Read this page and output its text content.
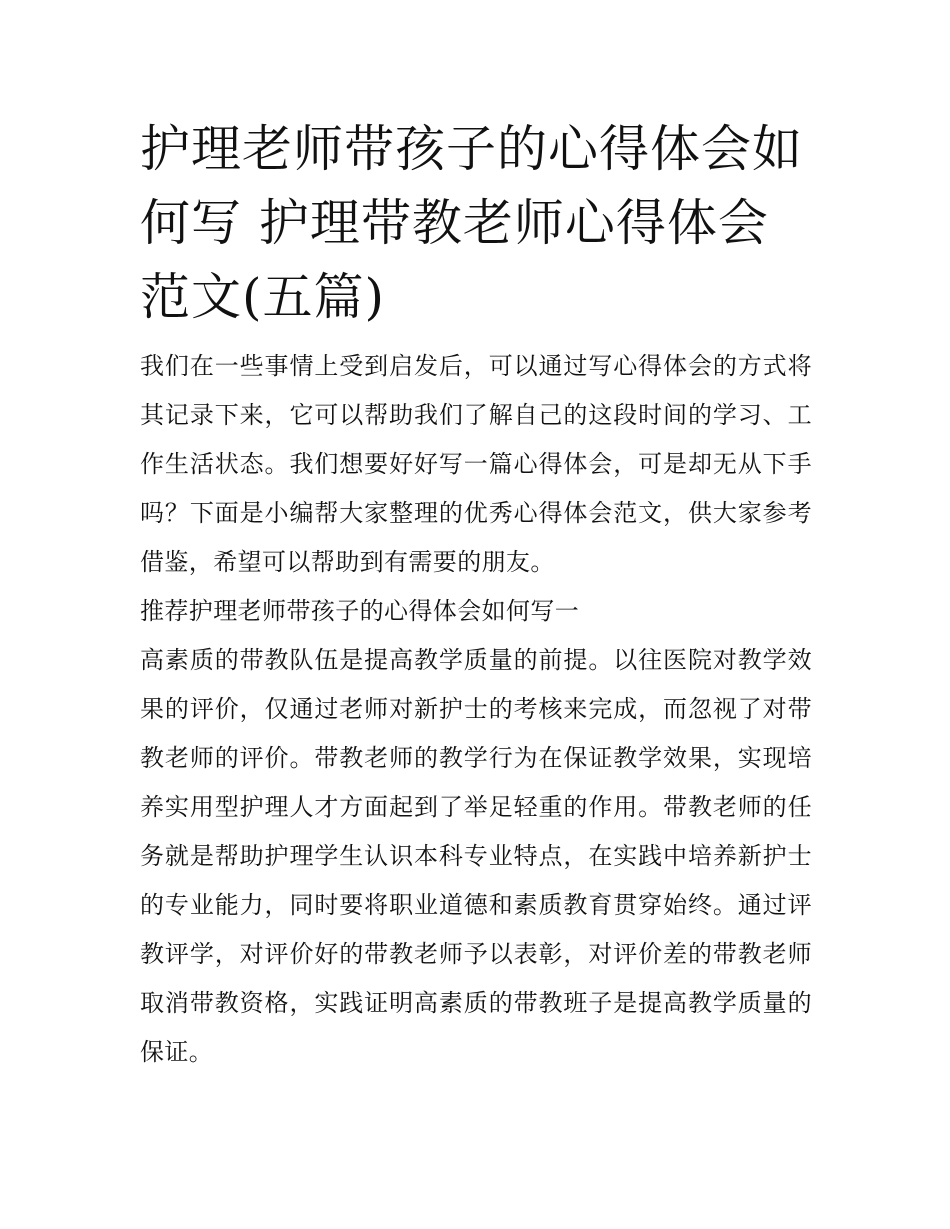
护理老师带孩子的心得体会如何写 护理带教老师心得体会范文(五篇)

我们在一些事情上受到启发后，可以通过写心得体会的方式将其记录下来，它可以帮助我们了解自己的这段时间的学习、工作生活状态。我们想要好好写一篇心得体会，可是却无从下手吗？下面是小编帮大家整理的优秀心得体会范文，供大家参考借鉴，希望可以帮助到有需要的朋友。

推荐护理老师带孩子的心得体会如何写一

高素质的带教队伍是提高教学质量的前提。以往医院对教学效果的评价，仅通过老师对新护士的考核来完成，而忽视了对带教老师的评价。带教老师的教学行为在保证教学效果，实现培养实用型护理人才方面起到了举足轻重的作用。带教老师的任务就是帮助护理学生认识本科专业特点，在实践中培养新护士的专业能力，同时要将职业道德和素质教育贯穿始终。通过评教评学，对评价好的带教老师予以表彰，对评价差的带教老师取消带教资格，实践证明高素质的带教班子是提高教学质量的保证。
